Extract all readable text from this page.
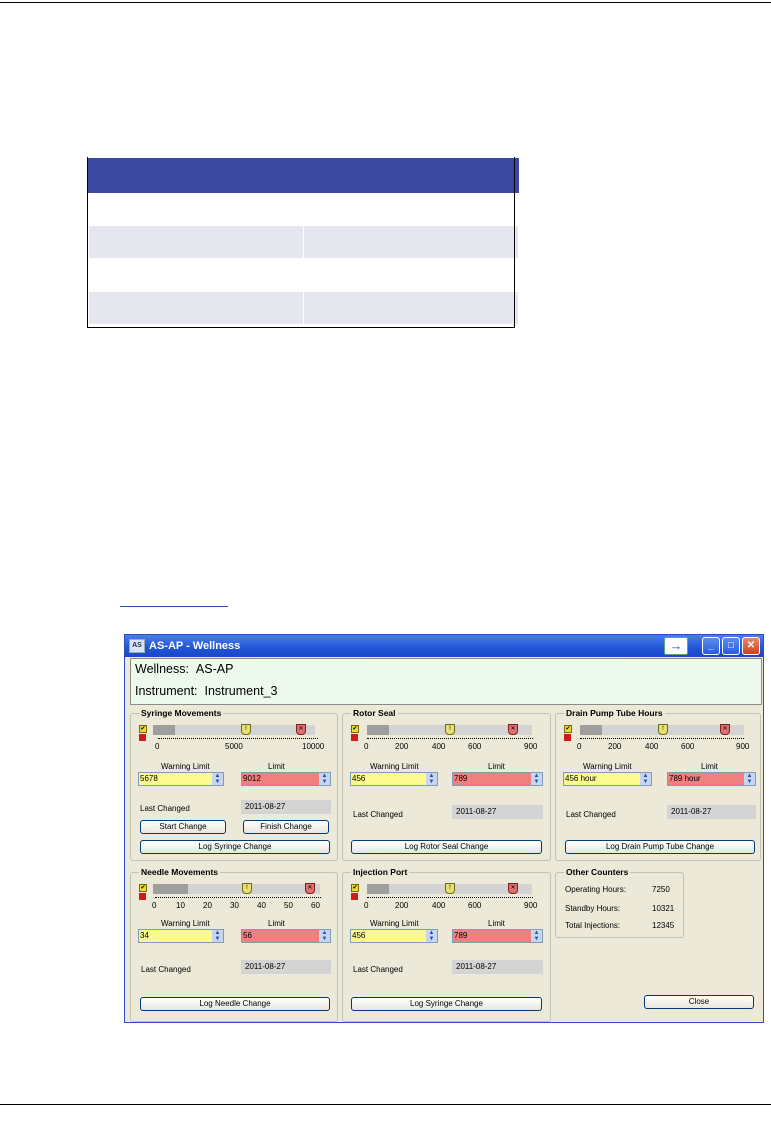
AS AS-AP - Wellness	→	_	□	✕
Wellness: AS-AP
Instrument: Instrument_3
Syringe Movements
✔	!	✕
0	5000	10000
Warning Limit	Limit
5678	▲
▼	9012	▲
▼
Last Changed	2011-08-27
Start Change	Finish Change
Log Syringe Change
Rotor Seal
✔	!	✕
0	200	400	600	900
Warning Limit	Limit
456	▲
▼	789	▲
▼
Last Changed	2011-08-27
Log Rotor Seal Change
Drain Pump Tube Hours
✔	!	✕
0	200	400	600	900
Warning Limit	Limit
456 hour	▲
▼	789 hour	▲
▼
Last Changed	2011-08-27
Log Drain Pump Tube Change
Needle Movements
✔	!	✕
0 10 20 30 40 50 60
Warning Limit	Limit
34	▲
▼	56	▲
▼
Last Changed	2011-08-27
Log Needle Change
Injection Port
✔	!	✕
0	200	400	600	900
Warning Limit	Limit
456	▲
▼	789	▲
▼
Last Changed	2011-08-27
Log Syringe Change
Other Counters
Operating Hours:	7250
Standby Hours:	10321
Total Injections:	12345
Close
